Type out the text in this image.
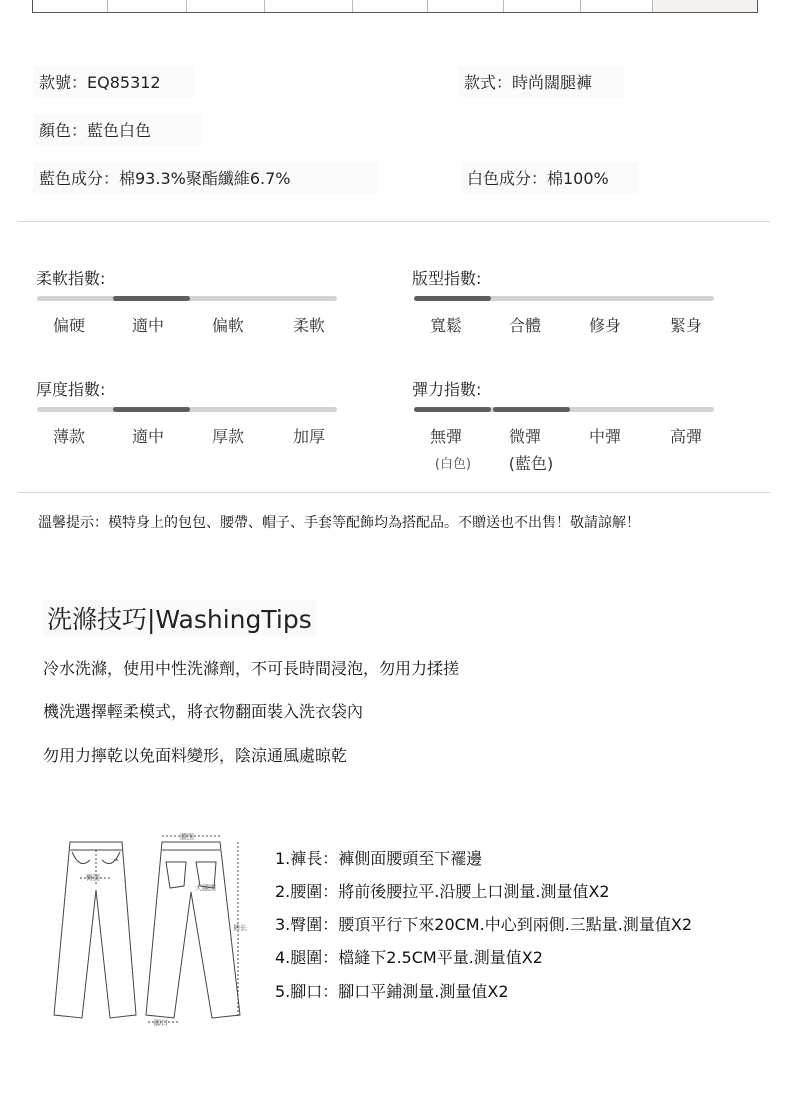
款號：EQ85312	款式：時尚闊腿褲
顏色：藍色白色
藍色成分：棉93.3%聚酯纖維6.7%	白色成分：棉100%
柔軟指數:
偏硬	適中	偏軟	柔軟
版型指數:
寬鬆	合體	修身	緊身
厚度指數:
薄款	適中	厚款	加厚
彈力指數:
無彈	微彈	中彈	高彈
(白色)	(藍色)
溫馨提示：模特身上的包包、腰帶、帽子、手套等配飾均為搭配品。不贈送也不出售！敬請諒解！
洗滌技巧|WashingTips
冷水洗滌，使用中性洗滌劑，不可長時間浸泡，勿用力揉搓
機洗選擇輕柔模式，將衣物翻面裝入洗衣袋內
勿用力擰乾以免面料變形，陰涼通風處晾乾
腰围
臀围
大腿围
裤长
脚口
1.褲長：褲側面腰頭至下襬邊
2.腰圍：將前後腰拉平.沿腰上口測量.測量值X2
3.臀圍：腰頂平行下來20CM.中心到兩側.三點量.測量值X2
4.腿圍：檔縫下2.5CM平量.測量值X2
5.腳口：腳口平鋪測量.測量值X2
